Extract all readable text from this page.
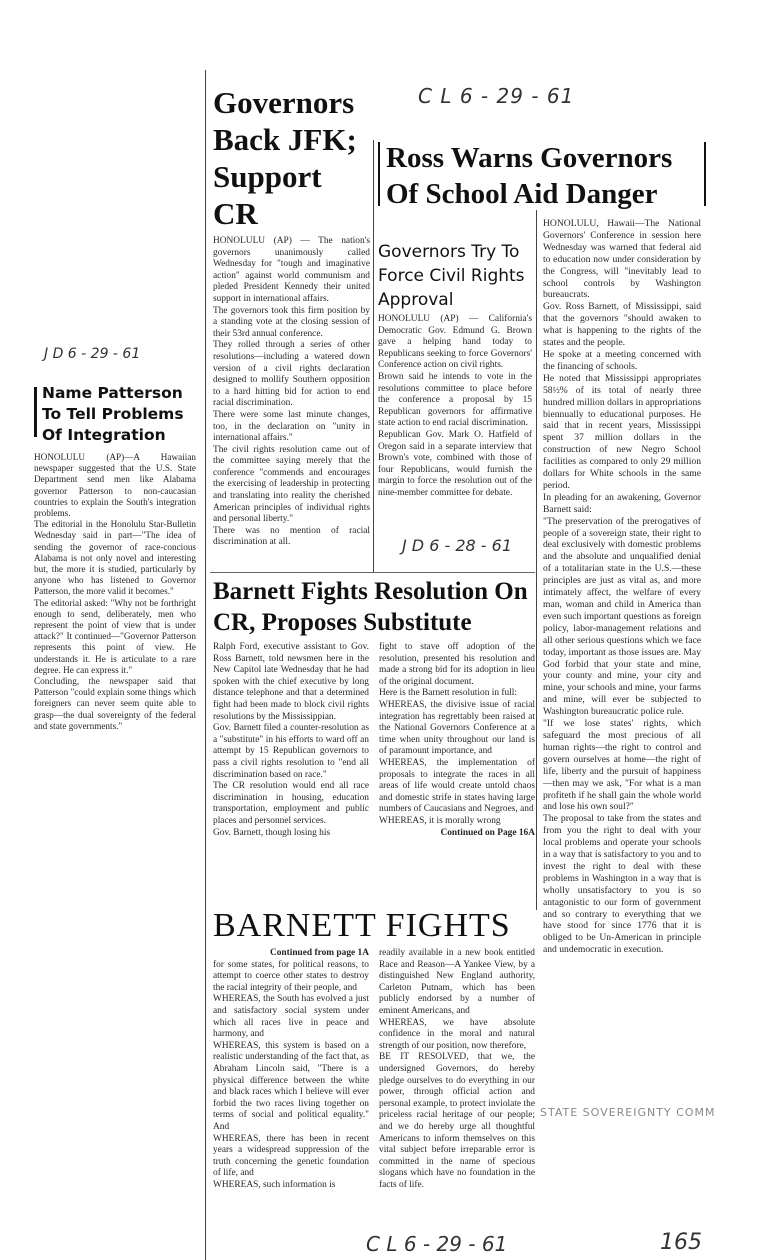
C L 6 - 29 - 61
J D 6 - 29 - 61
J D 6 - 28 - 61
C L 6 - 29 - 61	165
Name Patterson To Tell Problems Of Integration

HONOLULU (AP)—A Hawaiian newspaper suggested that the U.S. State Department send men like Alabama governor Patterson to non-caucasian countries to explain the South's integration problems.
The editorial in the Honolulu Star-Bulletin Wednesday said in part—"The idea of sending the governor of race-concious Alabama is not only novel and interesting but, the more it is studied, particularly by anyone who has listened to Governor Patterson, the more valid it becomes."
The editorial asked: "Why not be forthright enough to send, deliberately, men who represent the point of view that is under attack?" It continued—"Governor Patterson represents this point of view. He understands it. He is articulate to a rare degree. He can express it."
Concluding, the newspaper said that Patterson "could explain some things which foreigners can never seem quite able to grasp—the dual sovereignty of the federal and state governments."

Governors Back JFK; Support CR

HONOLULU (AP) — The nation's governors unanimously called Wednesday for "tough and imaginative action" against world communism and pleded President Kennedy their united support in international affairs.
The governors took this firm position by a standing vote at the closing session of their 53rd annual conference.
They rolled through a series of other resolutions—including a watered down version of a civil rights declaration designed to mollify Southern opposition to a hard hitting bid for action to end racial discrimination.
There were some last minute changes, too, in the declaration on "unity in international affairs."
The civil rights resolution came out of the committee saying merely that the conference "commends and encourages the exercising of leadership in protecting and translating into reality the cherished American principles of individual rights and personal liberty."
There was no mention of racial discrimination at all.

Ross Warns Governors Of School Aid Danger

HONOLULU, Hawaii—The National Governors' Conference in session here Wednesday was warned that federal aid to education now under consideration by the Congress, will "inevitably lead to school controls by Washington bureaucrats.
Gov. Ross Barnett, of Mississippi, said that the governors "should awaken to what is happening to the rights of the states and the people.
He spoke at a meeting concerned with the financing of schools.
He noted that Mississippi appropriates 58½% of its total of nearly three hundred million dollars in appropriations biennually to educational purposes. He said that in recent years, Mississippi spent 37 million dollars in the construction of new Negro School facilities as compared to only 29 million dollars for White schools in the same period.
In pleading for an awakening, Governor Barnett said:
"The preservation of the prerogatives of people of a sovereign state, their right to deal exclusively with domestic problems and the absolute and unqualified denial of a totalitarian state in the U.S.—these principles are just as vital as, and more intimately affect, the welfare of every man, woman and child in America than even such important questions as foreign policy, labor-management relations and all other serious questions which we face today, important as those issues are. May God forbid that your state and mine, your county and mine, your city and mine, your schools and mine, your farms and mine, will ever be subjected to Washington bureaucratic police rule.
"If we lose states' rights, which safeguard the most precious of all human rights—the right to control and govern ourselves at home—the right of life, liberty and the pursuit of happiness—then may we ask, "For what is a man profiteth if he shall gain the whole world and lose his own soul?"
The proposal to take from the states and from you the right to deal with your local problems and operate your schools in a way that is satisfactory to you and to invest the right to deal with these problems in Washington in a way that is wholly unsatisfactory to you is so antagonistic to our form of government and so contrary to everything that we have stood for since 1776 that it is obliged to be Un-American in principle and undemocratic in execution.

Governors Try To Force Civil Rights Approval

HONOLULU (AP) — California's Democratic Gov. Edmund G. Brown gave a helping hand today to Republicans seeking to force Governors' Conference action on civil rights.
Brown said he intends to vote in the resolutions committee to place before the conference a proposal by 15 Republican governors for affirmative state action to end racial discrimination.
Republican Gov. Mark O. Hatfield of Oregon said in a separate interview that Brown's vote, combined with those of four Republicans, would furnish the margin to force the resolution out of the nine-member committee for debate.

Barnett Fights Resolution On CR, Proposes Substitute

Ralph Ford, executive assistant to Gov. Ross Barnett, told newsmen here in the New Capitol late Wednesday that he had spoken with the chief executive by long distance telephone and that a determined fight had been made to block civil rights resolutions by the Mississippian.
Gov. Barnett filed a counter-resolution as a "substitute" in his efforts to ward off an attempt by 15 Republican governors to pass a civil rights resolution to "end all discrimination based on race."
The CR resolution would end all race discrimination in housing, education transportation, employment and public places and personnel services.
Gov. Barnett, though losing his

fight to stave off adoption of the resolution, presented his resolution and made a strong bid for its adoption in lieu of the original document.
Here is the Barnett resolution in full:
WHEREAS, the divisive issue of racial integration has regrettably been raised at the National Governors Conference at a time when unity throughout our land is of paramount importance, and
WHEREAS, the implementation of proposals to integrate the races in all areas of life would create untold chaos and domestic strife in states having large numbers of Caucasians and Negroes, and
WHEREAS, it is morally wrong

Continued on Page 16A

BARNETT FIGHTS

Continued from page 1A

for some states, for political reasons, to attempt to coerce other states to destroy the racial integrity of their people, and
WHEREAS, the South has evolved a just and satisfactory social system under which all races live in peace and harmony, and
WHEREAS, this system is based on a realistic understanding of the fact that, as Abraham Lincoln said, "There is a physical difference between the white and black races which I believe will ever forbid the two races living together on terms of social and political equality." And
WHEREAS, there has been in recent years a widespread suppression of the truth concerning the genetic foundation of life, and
WHEREAS, such information is

readily available in a new book entitled Race and Reason—A Yankee View, by a distinguished New England authority, Carleton Putnam, which has been publicly endorsed by a number of eminent Americans, and
WHEREAS, we have absolute confidence in the moral and natural strength of our position, now therefore,
BE IT RESOLVED, that we, the undersigned Governors, do hereby pledge ourselves to do everything in our power, through official action and personal example, to protect inviolate the priceless racial heritage of our people; and we do hereby urge all thoughtful Americans to inform themselves on this vital subject before irreparable error is committed in the name of specious slogans which have no foundation in the facts of life.

STATE SOVEREIGNTY COMM
